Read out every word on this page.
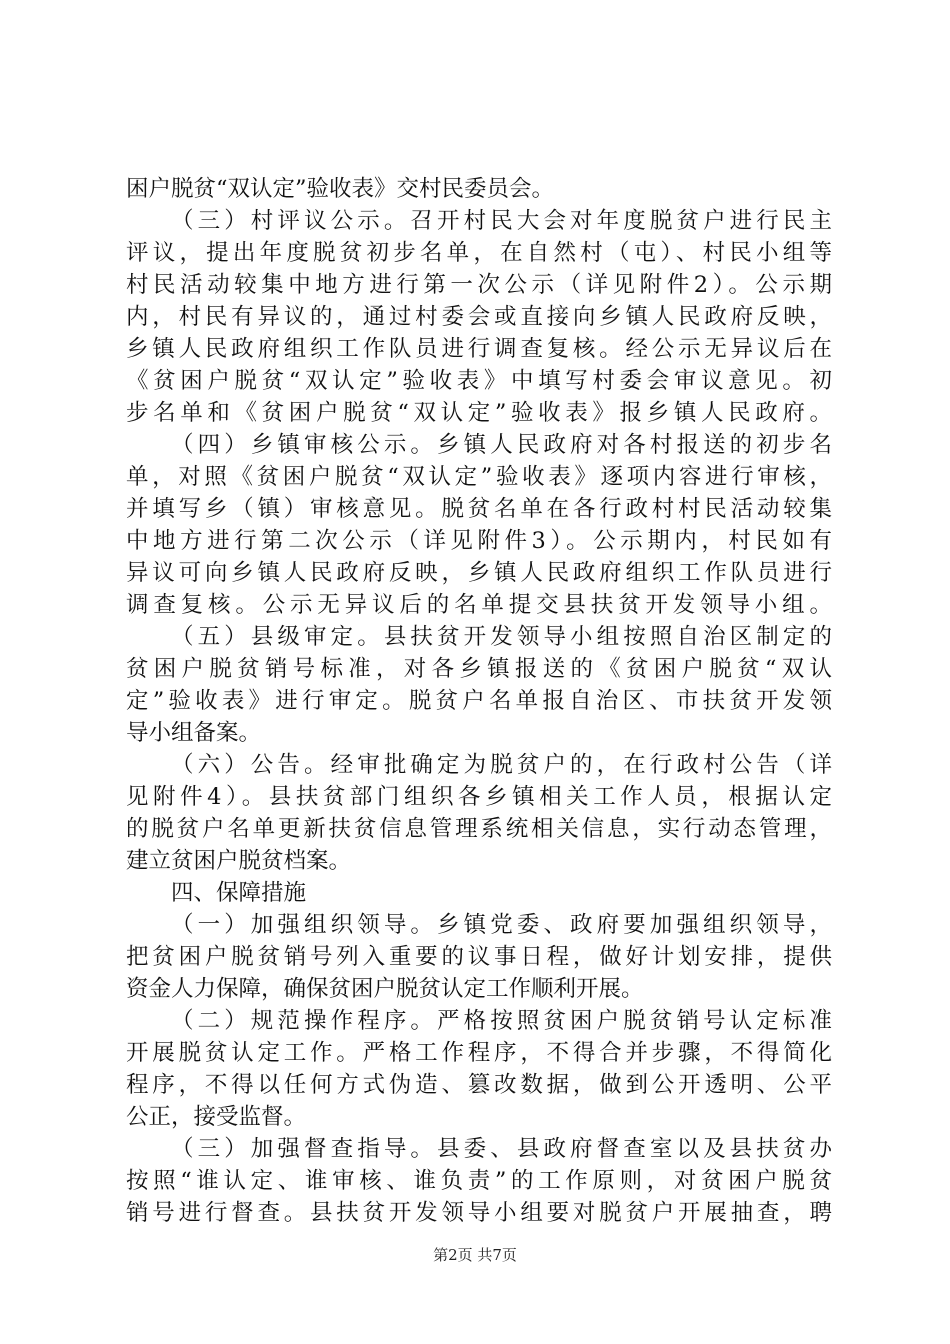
困户脱贫“双认定”验收表》交村民委员会。
（三）村评议公示。召开村民大会对年度脱贫户进行民主
评议，提出年度脱贫初步名单，在自然村（屯）、村民小组等
村民活动较集中地方进行第一次公示（详见附件2）。公示期
内，村民有异议的，通过村委会或直接向乡镇人民政府反映，
乡镇人民政府组织工作队员进行调查复核。经公示无异议后在
《贫困户脱贫“双认定”验收表》中填写村委会审议意见。初
步名单和《贫困户脱贫“双认定”验收表》报乡镇人民政府。
（四）乡镇审核公示。乡镇人民政府对各村报送的初步名
单，对照《贫困户脱贫“双认定”验收表》逐项内容进行审核，
并填写乡（镇）审核意见。脱贫名单在各行政村村民活动较集
中地方进行第二次公示（详见附件3）。公示期内，村民如有
异议可向乡镇人民政府反映，乡镇人民政府组织工作队员进行
调查复核。公示无异议后的名单提交县扶贫开发领导小组。
（五）县级审定。县扶贫开发领导小组按照自治区制定的
贫困户脱贫销号标准，对各乡镇报送的《贫困户脱贫“双认
定”验收表》进行审定。脱贫户名单报自治区、市扶贫开发领
导小组备案。
（六）公告。经审批确定为脱贫户的，在行政村公告（详
见附件4）。县扶贫部门组织各乡镇相关工作人员，根据认定
的脱贫户名单更新扶贫信息管理系统相关信息，实行动态管理，
建立贫困户脱贫档案。
四、保障措施
（一）加强组织领导。乡镇党委、政府要加强组织领导，
把贫困户脱贫销号列入重要的议事日程，做好计划安排，提供
资金人力保障，确保贫困户脱贫认定工作顺利开展。
（二）规范操作程序。严格按照贫困户脱贫销号认定标准
开展脱贫认定工作。严格工作程序，不得合并步骤，不得简化
程序，不得以任何方式伪造、篡改数据，做到公开透明、公平
公正，接受监督。
（三）加强督查指导。县委、县政府督查室以及县扶贫办
按照“谁认定、谁审核、谁负责”的工作原则，对贫困户脱贫
销号进行督查。县扶贫开发领导小组要对脱贫户开展抽查，聘
第2页 共7页
